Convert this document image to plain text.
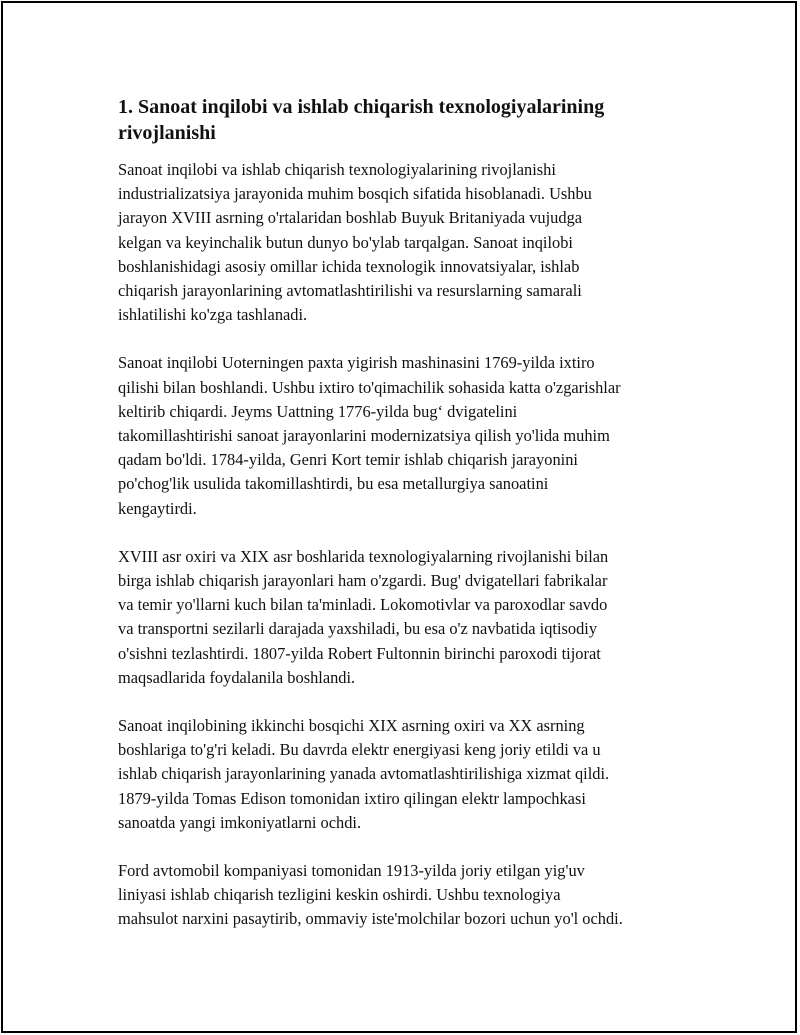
1. Sanoat inqilobi va ishlab chiqarish texnologiyalarining
rivojlanishi

Sanoat inqilobi va ishlab chiqarish texnologiyalarining rivojlanishi
industrializatsiya jarayonida muhim bosqich sifatida hisoblanadi. Ushbu
jarayon XVIII asrning o'rtalaridan boshlab Buyuk Britaniyada vujudga
kelgan va keyinchalik butun dunyo bo'ylab tarqalgan. Sanoat inqilobi
boshlanishidagi asosiy omillar ichida texnologik innovatsiyalar, ishlab
chiqarish jarayonlarining avtomatlashtirilishi va resurslarning samarali
ishlatilishi ko'zga tashlanadi.

Sanoat inqilobi Uoterningen paxta yigirish mashinasini 1769-yilda ixtiro
qilishi bilan boshlandi. Ushbu ixtiro to'qimachilik sohasida katta o'zgarishlar
keltirib chiqardi. Jeyms Uattning 1776-yilda bug‘ dvigatelini
takomillashtirishi sanoat jarayonlarini modernizatsiya qilish yo'lida muhim
qadam bo'ldi. 1784-yilda, Genri Kort temir ishlab chiqarish jarayonini
po'chog'lik usulida takomillashtirdi, bu esa metallurgiya sanoatini
kengaytirdi.

XVIII asr oxiri va XIX asr boshlarida texnologiyalarning rivojlanishi bilan
birga ishlab chiqarish jarayonlari ham o'zgardi. Bug' dvigatellari fabrikalar
va temir yo'llarni kuch bilan ta'minladi. Lokomotivlar va paroxodlar savdo
va transportni sezilarli darajada yaxshiladi, bu esa o'z navbatida iqtisodiy
o'sishni tezlashtirdi. 1807-yilda Robert Fultonnin birinchi paroxodi tijorat
maqsadlarida foydalanila boshlandi.

Sanoat inqilobining ikkinchi bosqichi XIX asrning oxiri va XX asrning
boshlariga to'g'ri keladi. Bu davrda elektr energiyasi keng joriy etildi va u
ishlab chiqarish jarayonlarining yanada avtomatlashtirilishiga xizmat qildi.
1879-yilda Tomas Edison tomonidan ixtiro qilingan elektr lampochkasi
sanoatda yangi imkoniyatlarni ochdi.

Ford avtomobil kompaniyasi tomonidan 1913-yilda joriy etilgan yig'uv
liniyasi ishlab chiqarish tezligini keskin oshirdi. Ushbu texnologiya
mahsulot narxini pasaytirib, ommaviy iste'molchilar bozori uchun yo'l ochdi.
